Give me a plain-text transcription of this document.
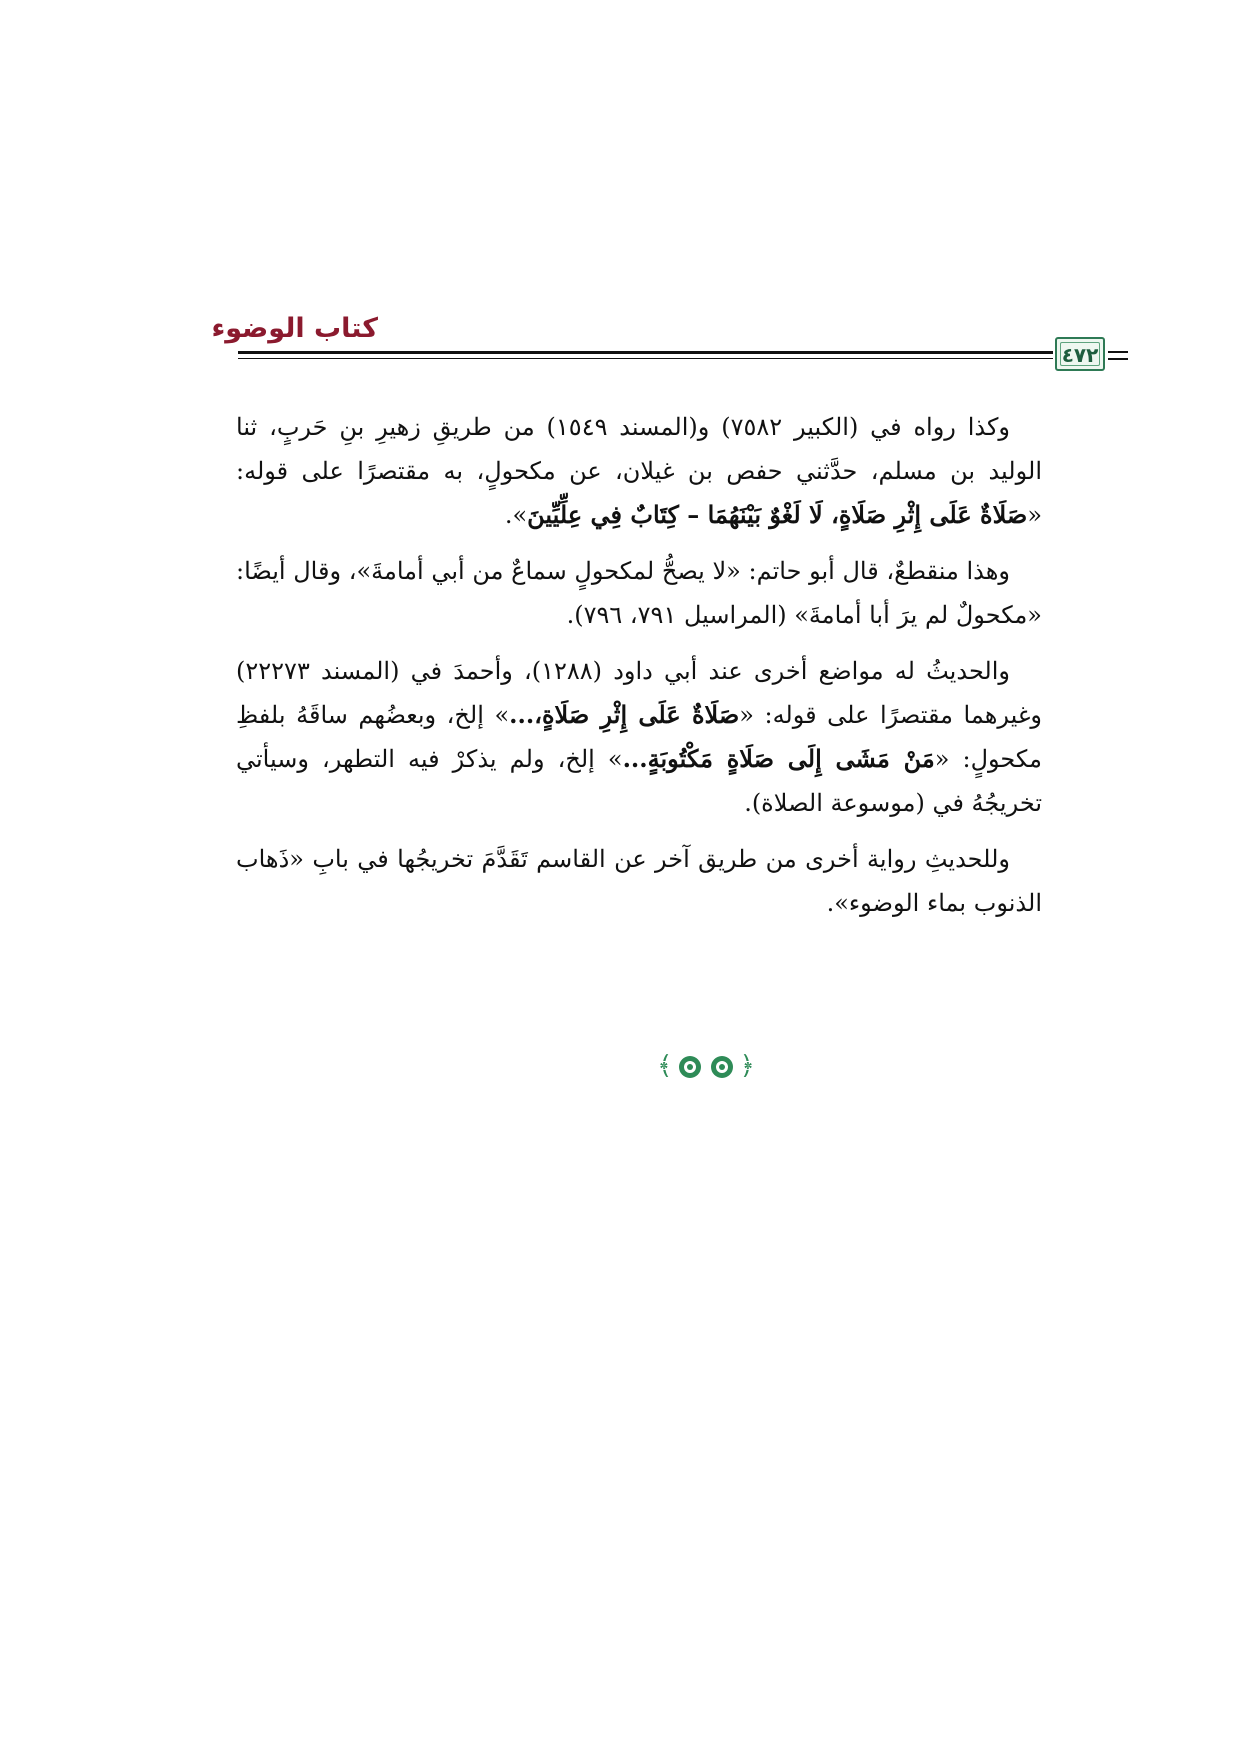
كتاب الوضوء
٤٧٢

وكذا رواه في (الكبير ٧٥٨٢) و(المسند ١٥٤٩) من طريقِ زهيرِ بنِ حَربٍ، ثنا الوليد بن مسلم، حدَّثني حفص بن غيلان، عن مكحولٍ، به مقتصرًا على قوله: «صَلَاةٌ عَلَى إِثْرِ صَلَاةٍ، لَا لَغْوٌ بَيْنَهُمَا – كِتَابٌ فِي عِلِّيِّينَ».

وهذا منقطعٌ، قال أبو حاتم: «لا يصحُّ لمكحولٍ سماعٌ من أبي أمامةَ»، وقال أيضًا: «مكحولٌ لم يرَ أبا أمامةَ» (المراسيل ٧٩١، ٧٩٦).

والحديثُ له مواضع أخرى عند أبي داود (١٢٨٨)، وأحمدَ في (المسند ٢٢٢٧٣) وغيرهما مقتصرًا على قوله: «صَلَاةٌ عَلَى إِثْرِ صَلَاةٍ،...» إلخ، وبعضُهم ساقَهُ بلفظِ مكحولٍ: «مَنْ مَشَى إِلَى صَلَاةٍ مَكْتُوبَةٍ...» إلخ، ولم يذكرْ فيه التطهر، وسيأتي تخريجُهُ في (موسوعة الصلاة).

وللحديثِ رواية أخرى من طريق آخر عن القاسم تَقَدَّمَ تخريجُها في بابِ «ذَهاب الذنوب بماء الوضوء».

﴾	﴿
